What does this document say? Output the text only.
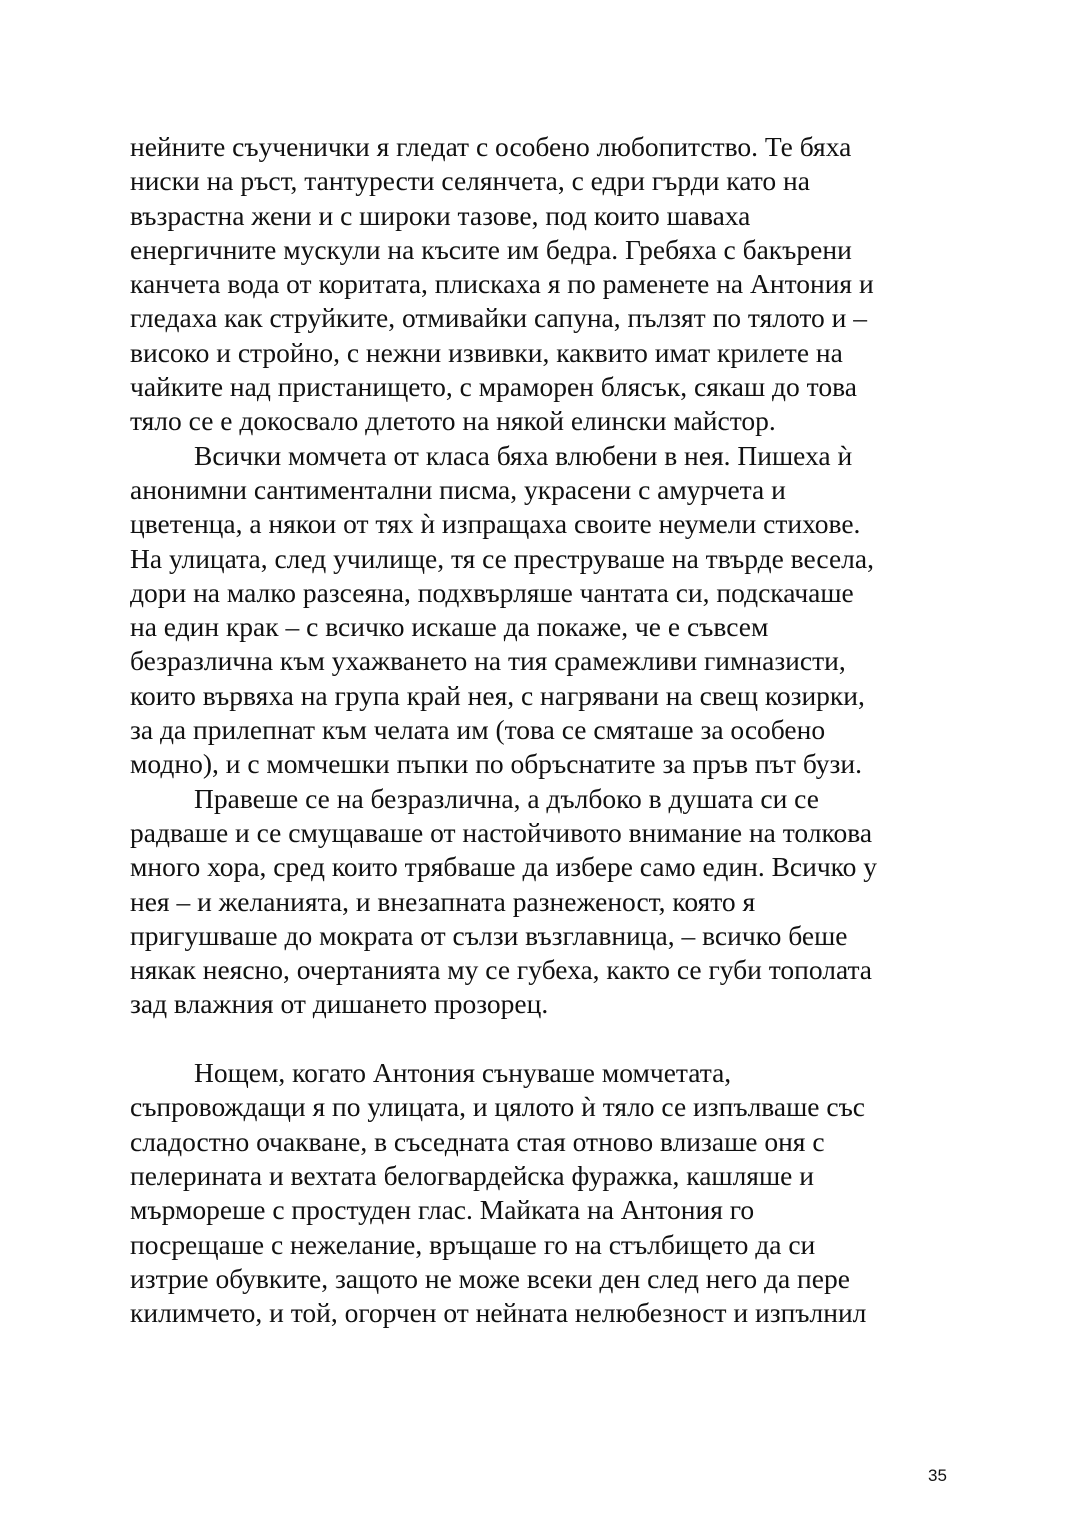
нейните съученички я гледат с особено любопитство. Те бяха
ниски на ръст, тантурести селянчета, с едри гърди като на
възрастна жени и с широки тазове, под които шаваха
енергичните мускули на късите им бедра. Гребяха с бакърени
канчета вода от коритата, плискаха я по раменете на Антония и
гледаха как струйките, отмивайки сапуна, пълзят по тялото и –
високо и стройно, с нежни извивки, каквито имат крилете на
чайките над пристанището, с мраморен блясък, сякаш до това
тяло се е докосвало длетото на някой елински майстор.
Всички момчета от класа бяха влюбени в нея. Пишеха ѝ
анонимни сантиментални писма, украсени с амурчета и
цветенца, а някои от тях ѝ изпращаха своите неумели стихове.
На улицата, след училище, тя се преструваше на твърде весела,
дори на малко разсеяна, подхвърляше чантата си, подскачаше
на един крак – с всичко искаше да покаже, че е съвсем
безразлична към ухажването на тия срамежливи гимназисти,
които вървяха на група край нея, с нагрявани на свещ козирки,
за да прилепнат към челата им (това се смяташе за особено
модно), и с момчешки пъпки по обръснатите за пръв път бузи.
Правеше се на безразлична, а дълбоко в душата си се
радваше и се смущаваше от настойчивото внимание на толкова
много хора, сред които трябваше да избере само един. Всичко у
нея – и желанията, и внезапната разнеженост, която я
пригушваше до мократа от сълзи възглавница, – всичко беше
някак неясно, очертанията му се губеха, както се губи тополата
зад влажния от дишането прозорец.
Нощем, когато Антония сънуваше момчетата,
съпровождащи я по улицата, и цялото ѝ тяло се изпълваше със
сладостно очакване, в съседната стая отново влизаше оня с
пелерината и вехтата белогвардейска фуражка, кашляше и
мърмореше с простуден глас. Майката на Антония го
посрещаше с нежелание, връщаше го на стълбището да си
изтрие обувките, защото не може всеки ден след него да пере
килимчето, и той, огорчен от нейната нелюбезност и изпълнил
35
